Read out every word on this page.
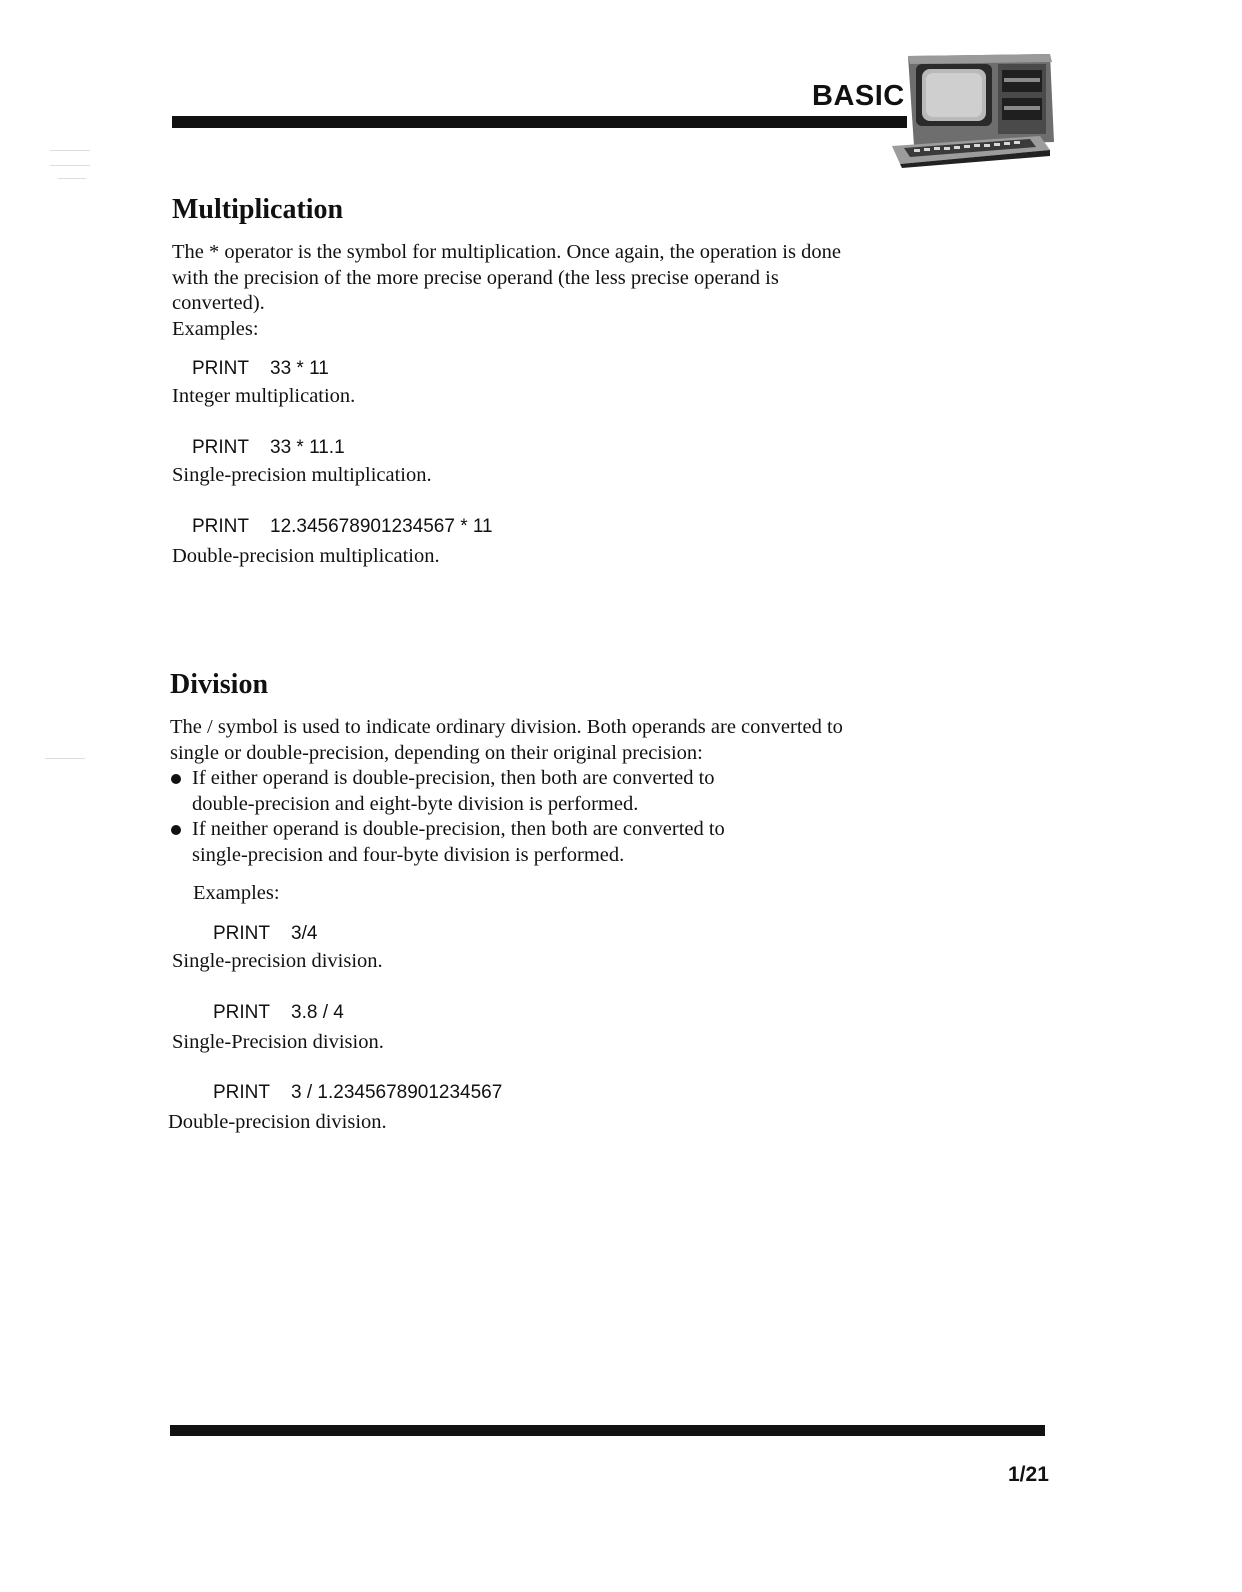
BASIC
Multiplication
The * operator is the symbol for multiplication. Once again, the operation is done
with the precision of the more precise operand (the less precise operand is
converted).
Examples:
PRINT 33 * 11
Integer multiplication.
PRINT 33 * 11.1
Single-precision multiplication.
PRINT 12.345678901234567 * 11
Double-precision multiplication.
Division
The / symbol is used to indicate ordinary division. Both operands are converted to
single or double-precision, depending on their original precision:
If either operand is double-precision, then both are converted to
double-precision and eight-byte division is performed.
If neither operand is double-precision, then both are converted to
single-precision and four-byte division is performed.
Examples:
PRINT 3/4
Single-precision division.
PRINT 3.8 / 4
Single-Precision division.
PRINT 3 / 1.2345678901234567
Double-precision division.
1/21
